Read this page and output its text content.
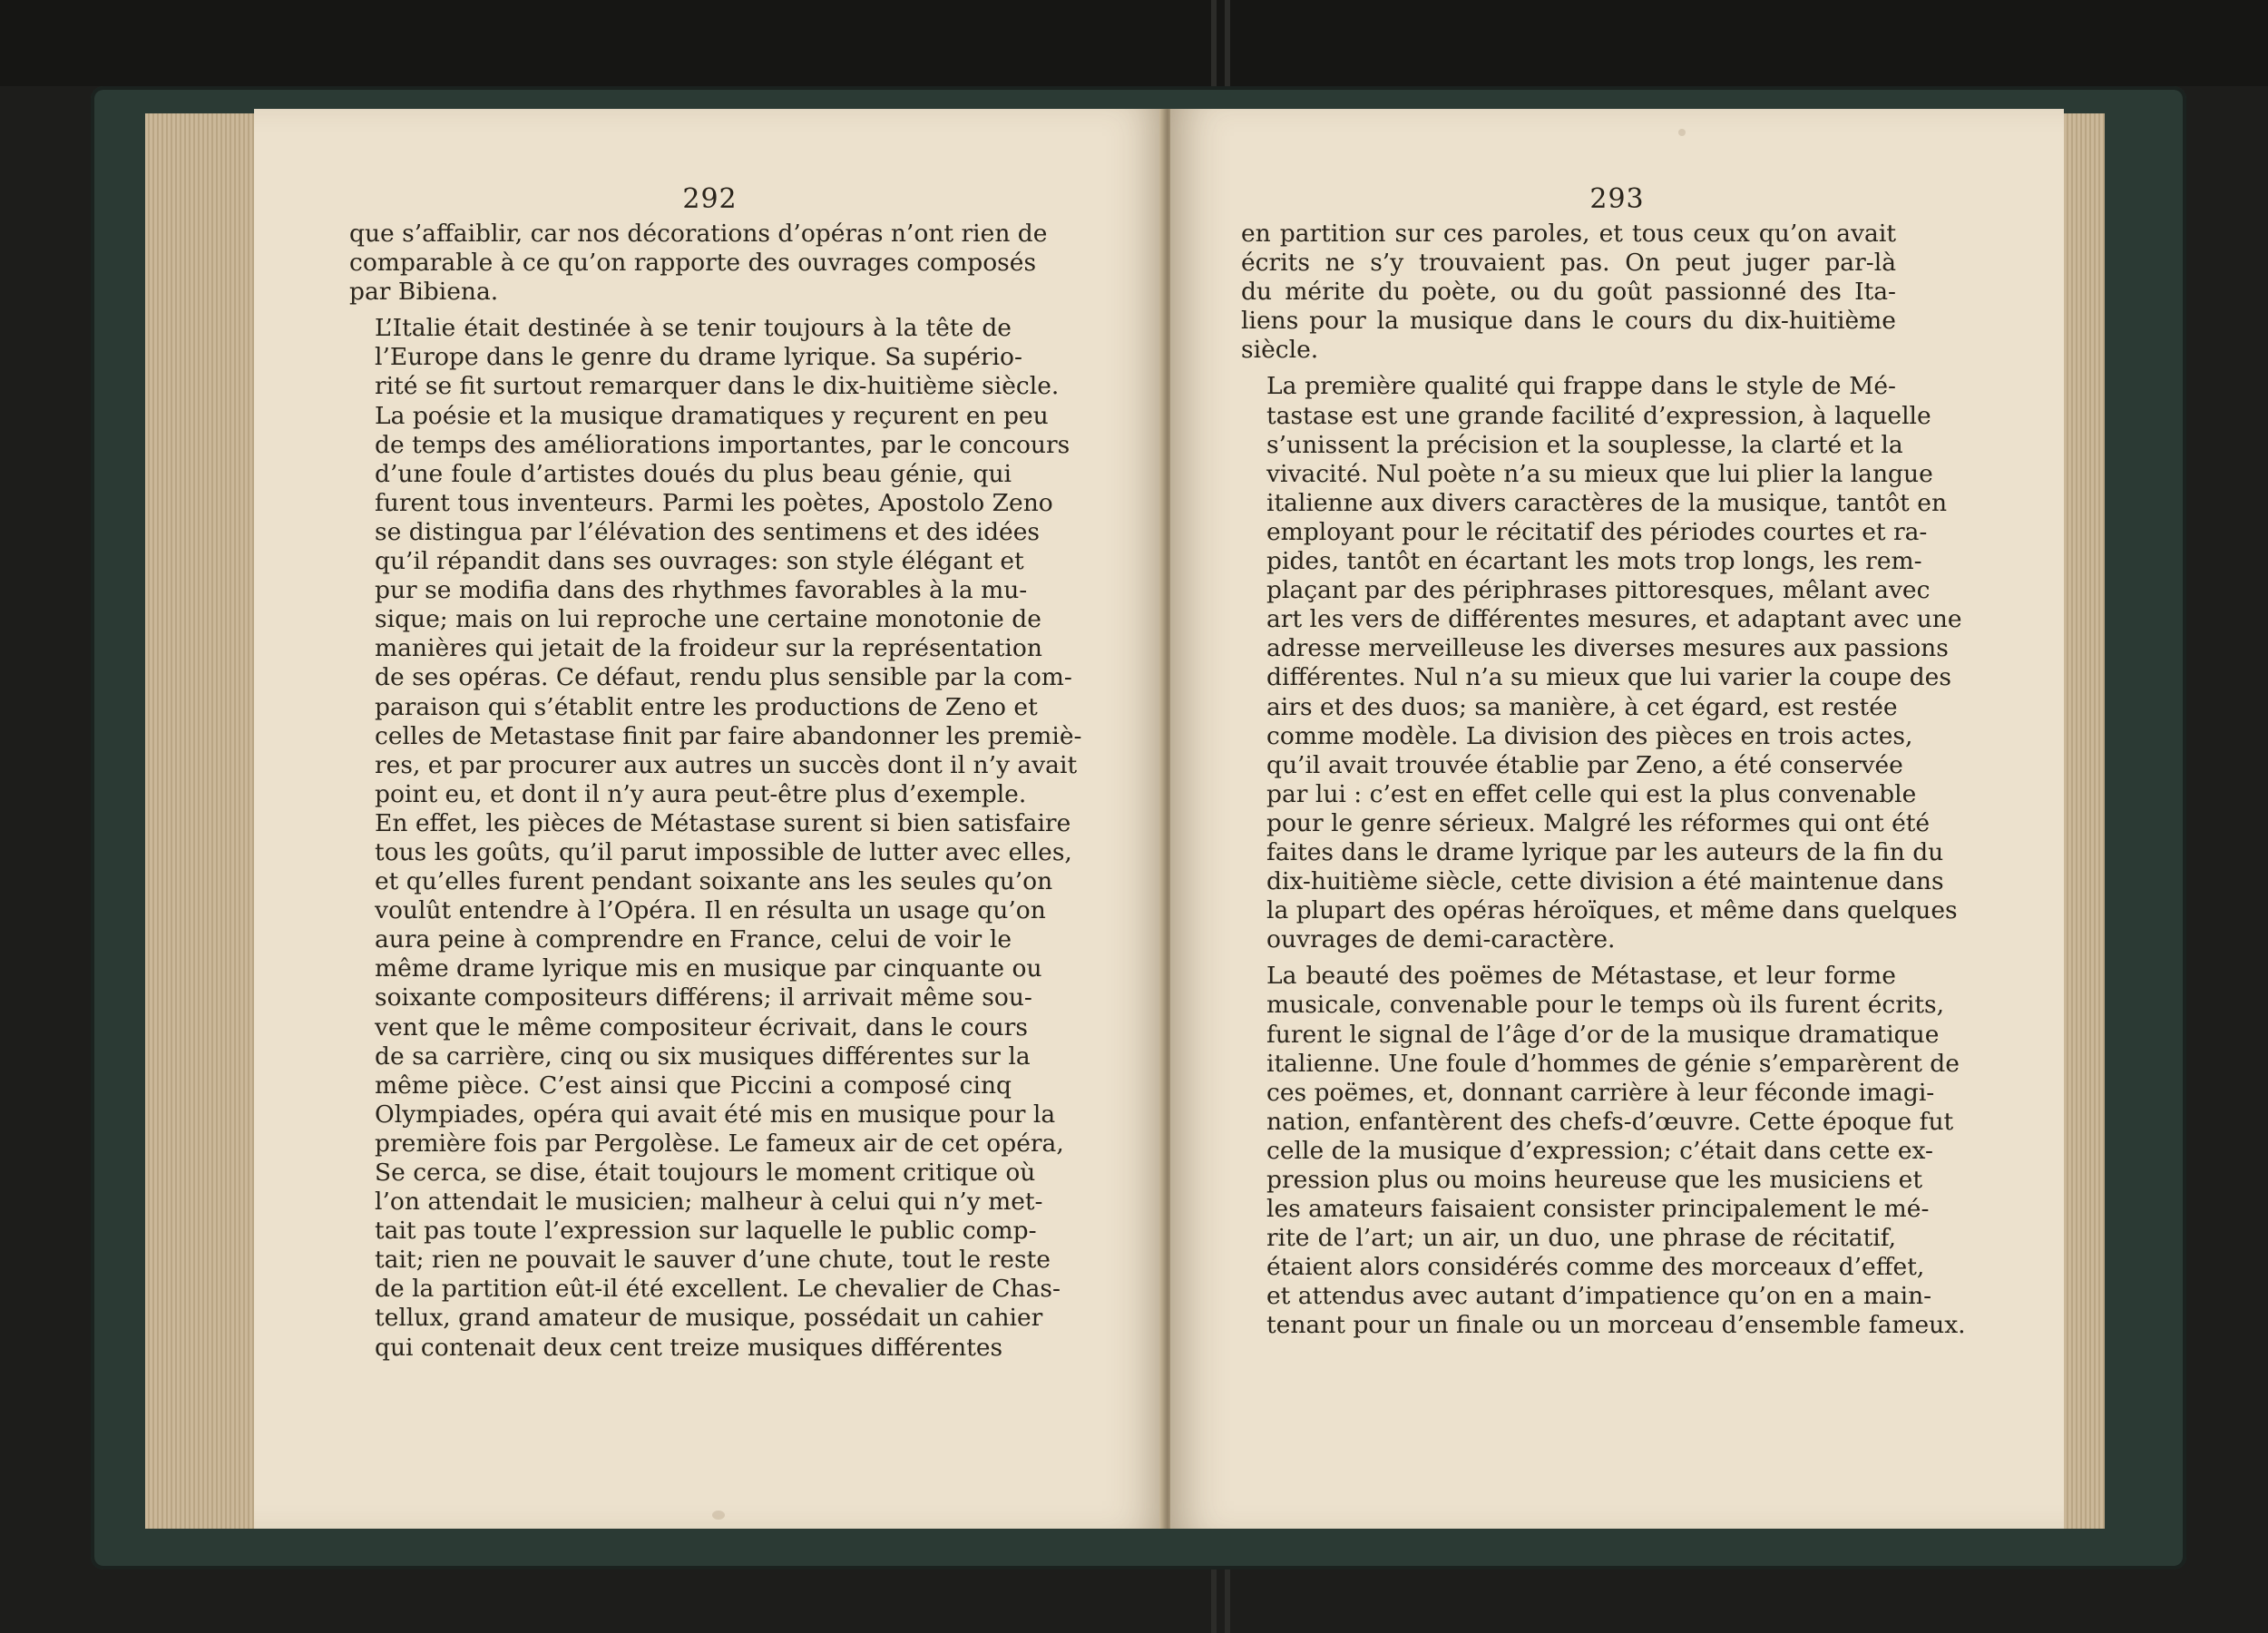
292

que s’affaiblir, car nos décorations d’opéras n’ont rien de
comparable à ce qu’on rapporte des ouvrages composés
par Bibiena.

L’Italie était destinée à se tenir toujours à la tête de
l’Europe dans le genre du drame lyrique. Sa supério-
rité se fit surtout remarquer dans le dix-huitième siècle.
La poésie et la musique dramatiques y reçurent en peu
de temps des améliorations importantes, par le concours
d’une foule d’artistes doués du plus beau génie, qui
furent tous inventeurs. Parmi les poètes, Apostolo Zeno
se distingua par l’élévation des sentimens et des idées
qu’il répandit dans ses ouvrages: son style élégant et
pur se modifia dans des rhythmes favorables à la mu-
sique; mais on lui reproche une certaine monotonie de
manières qui jetait de la froideur sur la représentation
de ses opéras. Ce défaut, rendu plus sensible par la com-
paraison qui s’établit entre les productions de Zeno et
celles de Metastase finit par faire abandonner les premiè-
res, et par procurer aux autres un succès dont il n’y avait
point eu, et dont il n’y aura peut-être plus d’exemple.
En effet, les pièces de Métastase surent si bien satisfaire
tous les goûts, qu’il parut impossible de lutter avec elles,
et qu’elles furent pendant soixante ans les seules qu’on
voulût entendre à l’Opéra. Il en résulta un usage qu’on
aura peine à comprendre en France, celui de voir le
même drame lyrique mis en musique par cinquante ou
soixante compositeurs différens; il arrivait même sou-
vent que le même compositeur écrivait, dans le cours
de sa carrière, cinq ou six musiques différentes sur la
même pièce. C’est ainsi que Piccini a composé cinq
Olympiades, opéra qui avait été mis en musique pour la
première fois par Pergolèse. Le fameux air de cet opéra,
Se cerca, se dise, était toujours le moment critique où
l’on attendait le musicien; malheur à celui qui n’y met-
tait pas toute l’expression sur laquelle le public comp-
tait; rien ne pouvait le sauver d’une chute, tout le reste
de la partition eût-il été excellent. Le chevalier de Chas-
tellux, grand amateur de musique, possédait un cahier
qui contenait deux cent treize musiques différentes

293

en partition sur ces paroles, et tous ceux qu’on avait
écrits ne s’y trouvaient pas. On peut juger par-là
du mérite du poète, ou du goût passionné des Ita-
liens pour la musique dans le cours du dix-huitième
siècle.

La première qualité qui frappe dans le style de Mé-
tastase est une grande facilité d’expression, à laquelle
s’unissent la précision et la souplesse, la clarté et la
vivacité. Nul poète n’a su mieux que lui plier la langue
italienne aux divers caractères de la musique, tantôt en
employant pour le récitatif des périodes courtes et ra-
pides, tantôt en écartant les mots trop longs, les rem-
plaçant par des périphrases pittoresques, mêlant avec
art les vers de différentes mesures, et adaptant avec une
adresse merveilleuse les diverses mesures aux passions
différentes. Nul n’a su mieux que lui varier la coupe des
airs et des duos; sa manière, à cet égard, est restée
comme modèle. La division des pièces en trois actes,
qu’il avait trouvée établie par Zeno, a été conservée
par lui : c’est en effet celle qui est la plus convenable
pour le genre sérieux. Malgré les réformes qui ont été
faites dans le drame lyrique par les auteurs de la fin du
dix-huitième siècle, cette division a été maintenue dans
la plupart des opéras héroïques, et même dans quelques
ouvrages de demi-caractère.

La beauté des poëmes de Métastase, et leur forme
musicale, convenable pour le temps où ils furent écrits,
furent le signal de l’âge d’or de la musique dramatique
italienne. Une foule d’hommes de génie s’emparèrent de
ces poëmes, et, donnant carrière à leur féconde imagi-
nation, enfantèrent des chefs-d’œuvre. Cette époque fut
celle de la musique d’expression; c’était dans cette ex-
pression plus ou moins heureuse que les musiciens et
les amateurs faisaient consister principalement le mé-
rite de l’art; un air, un duo, une phrase de récitatif,
étaient alors considérés comme des morceaux d’effet,
et attendus avec autant d’impatience qu’on en a main-
tenant pour un finale ou un morceau d’ensemble fameux.
